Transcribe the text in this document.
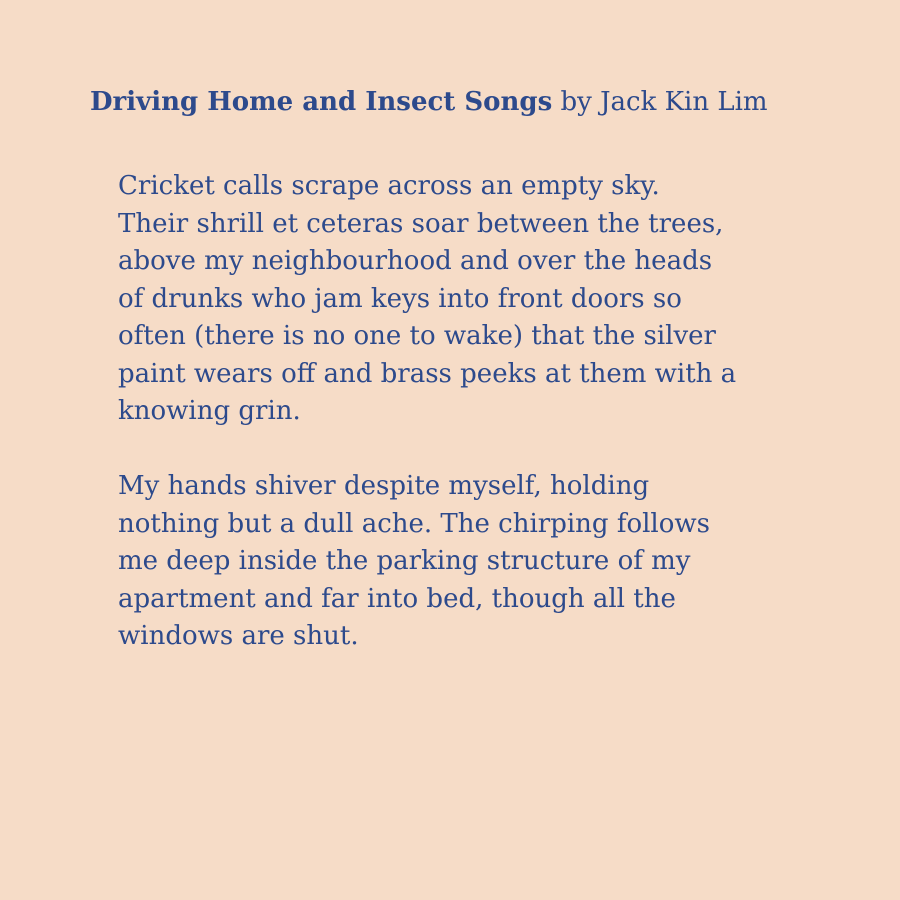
Driving Home and Insect Songs by Jack Kin Lim
Cricket calls scrape across an empty sky.
Their shrill et ceteras soar between the trees,
above my neighbourhood and over the heads
of drunks who jam keys into front doors so
often (there is no one to wake) that the silver
paint wears off and brass peeks at them with a
knowing grin.
My hands shiver despite myself, holding
nothing but a dull ache. The chirping follows
me deep inside the parking structure of my
apartment and far into bed, though all the
windows are shut.
